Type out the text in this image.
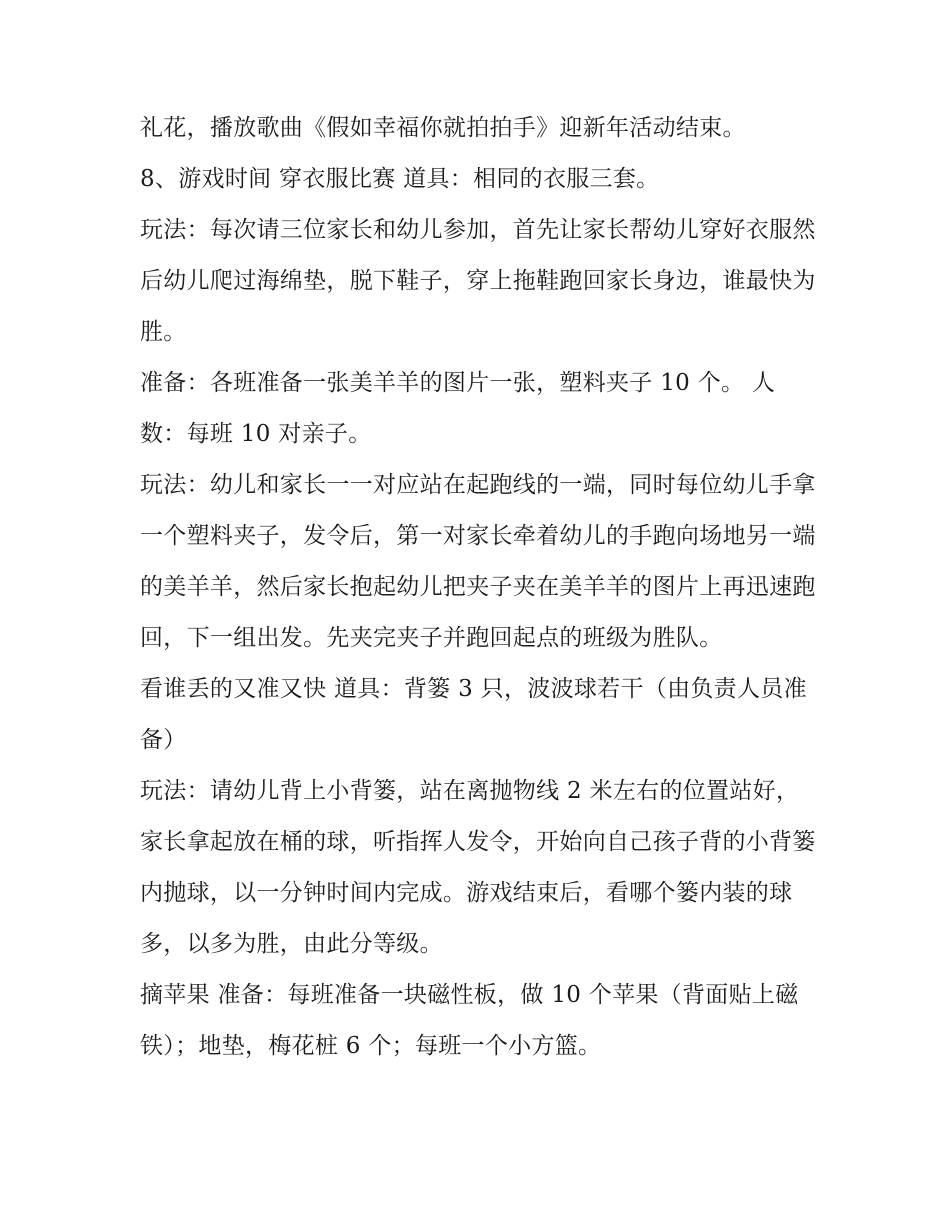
礼花，播放歌曲《假如幸福你就拍拍手》迎新年活动结束。

8、游戏时间 穿衣服比赛 道具：相同的衣服三套。

玩法：每次请三位家长和幼儿参加，首先让家长帮幼儿穿好衣服然后幼儿爬过海绵垫，脱下鞋子，穿上拖鞋跑回家长身边，谁最快为胜。

准备：各班准备一张美羊羊的图片一张，塑料夹子 10 个。 人数：每班 10 对亲子。

玩法：幼儿和家长一一对应站在起跑线的一端，同时每位幼儿手拿一个塑料夹子，发令后，第一对家长牵着幼儿的手跑向场地另一端的美羊羊，然后家长抱起幼儿把夹子夹在美羊羊的图片上再迅速跑回，下一组出发。先夹完夹子并跑回起点的班级为胜队。

看谁丢的又准又快 道具：背篓 3 只，波波球若干（由负责人员准备）

玩法：请幼儿背上小背篓，站在离抛物线 2 米左右的位置站好，家长拿起放在桶的球，听指挥人发令，开始向自己孩子背的小背篓内抛球，以一分钟时间内完成。游戏结束后，看哪个篓内装的球多，以多为胜，由此分等级。

摘苹果 准备：每班准备一块磁性板，做 10 个苹果（背面贴上磁铁）；地垫，梅花桩 6 个；每班一个小方篮。
